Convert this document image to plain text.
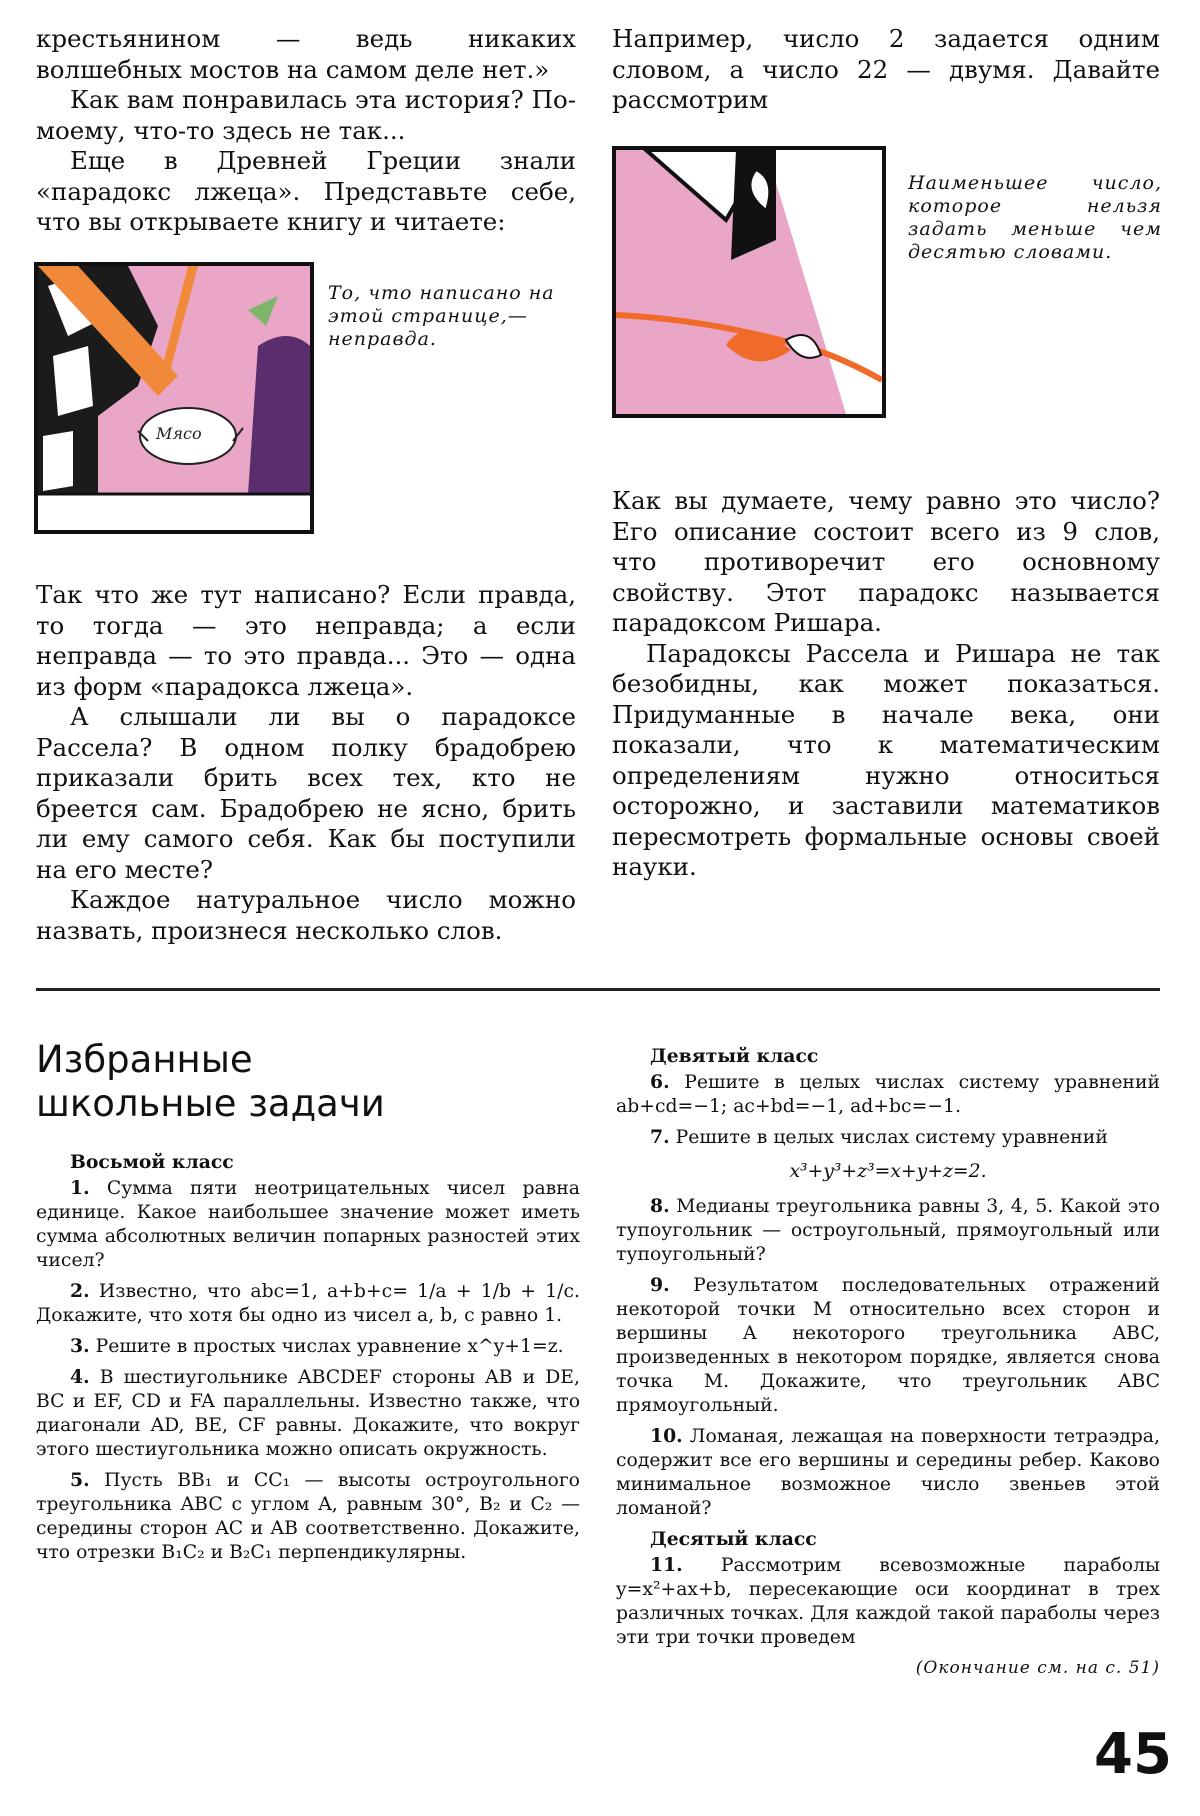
крестьянином — ведь никаких волшебных мостов на самом деле нет.»

Как вам понравилась эта история? По-моему, что-то здесь не так...

Еще в Древней Греции знали «парадокс лжеца». Представьте себе, что вы открываете книгу и читаете:

Мясо
То, что написано на этой странице,— неправда.

Так что же тут написано? Если правда, то тогда — это неправда; а если неправда — то это правда... Это — одна из форм «парадокса лжеца».

А слышали ли вы о парадоксе Рассела? В одном полку брадобрею приказали брить всех тех, кто не бреется сам. Брадобрею не ясно, брить ли ему самого себя. Как бы поступили на его месте?

Каждое натуральное число можно назвать, произнеся несколько слов.

Например, число 2 задается одним словом, а число 22 — двумя. Давайте рассмотрим

Наименьшее число, которое нельзя задать меньше чем десятью словами.

Как вы думаете, чему равно это число? Его описание состоит всего из 9 слов, что противоречит его основному свойству. Этот парадокс называется парадоксом Ришара.

Парадоксы Рассела и Ришара не так безобидны, как может показаться. Придуманные в начале века, они показали, что к математическим определениям нужно относиться осторожно, и заставили математиков пересмотреть формальные основы своей науки.

Избранные
школьные задачи

Восьмой класс

1. Сумма пяти неотрицательных чисел равна единице. Какое наибольшее значение может иметь сумма абсолютных величин попарных разностей этих чисел?

2. Известно, что abc=1, a+b+c= 1/a + 1/b + 1/c. Докажите, что хотя бы одно из чисел a, b, c равно 1.

3. Решите в простых числах уравнение x^y+1=z.

4. В шестиугольнике ABCDEF стороны AB и DE, BC и EF, CD и FA параллельны. Известно также, что диагонали AD, BE, CF равны. Докажите, что вокруг этого шестиугольника можно описать окружность.

5. Пусть BB₁ и CC₁ — высоты остроугольного треугольника ABC с углом A, равным 30°, B₂ и C₂ — середины сторон AC и AB соответственно. Докажите, что отрезки B₁C₂ и B₂C₁ перпендикулярны.

Девятый класс

6. Решите в целых числах систему уравнений ab+cd=−1; ac+bd=−1, ad+bc=−1.

7. Решите в целых числах систему уравнений

x³+y³+z³=x+y+z=2.

8. Медианы треугольника равны 3, 4, 5. Какой это тупоугольник — остроугольный, прямоугольный или тупоугольный?

9. Результатом последовательных отражений некоторой точки M относительно всех сторон и вершины A некоторого треугольника ABC, произведенных в некотором порядке, является снова точка M. Докажите, что треугольник ABC прямоугольный.

10. Ломаная, лежащая на поверхности тетраэдра, содержит все его вершины и середины ребер. Каково минимальное возможное число звеньев этой ломаной?

Десятый класс

11. Рассмотрим всевозможные параболы y=x²+ax+b, пересекающие оси координат в трех различных точках. Для каждой такой параболы через эти три точки проведем

(Окончание см. на с. 51)
45
